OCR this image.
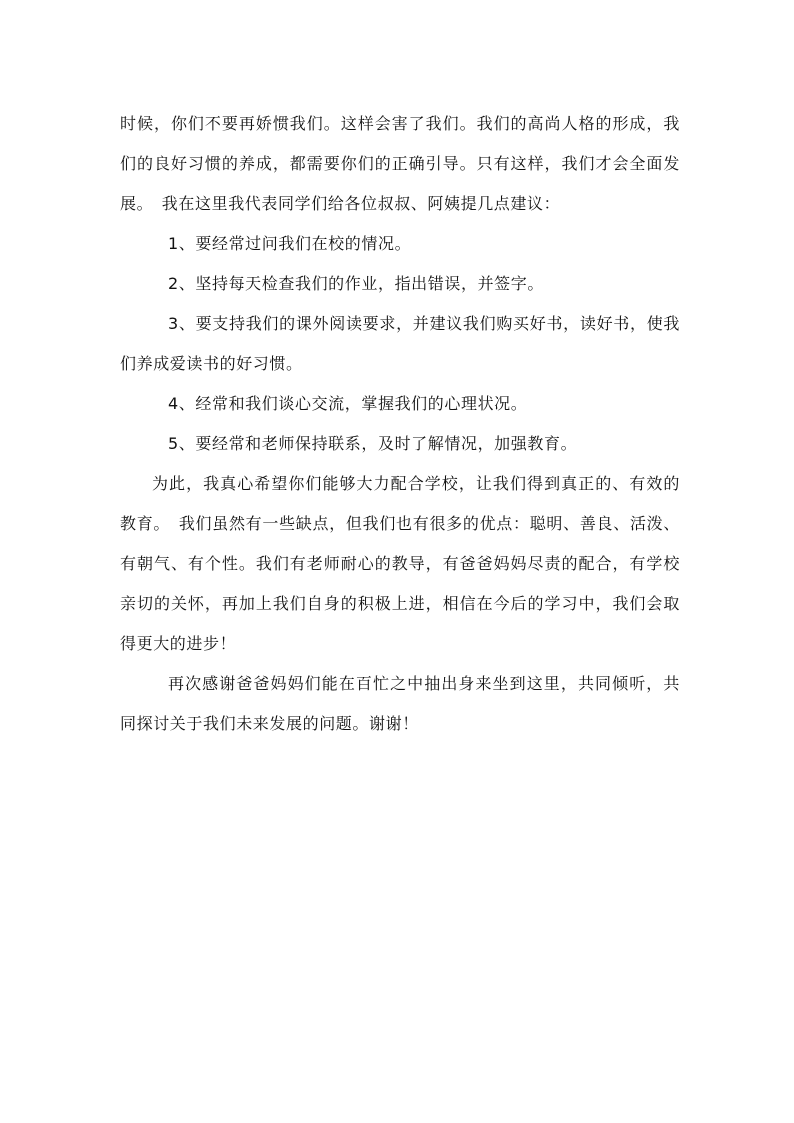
时候，你们不要再娇惯我们。这样会害了我们。我们的高尚人格的形成，我们的良好习惯的养成，都需要你们的正确引导。只有这样，我们才会全面发展。　我在这里我代表同学们给各位叔叔、阿姨提几点建议：

1、要经常过问我们在校的情况。

2、坚持每天检查我们的作业，指出错误，并签字。

3、要支持我们的课外阅读要求，并建议我们购买好书，读好书，使我们养成爱读书的好习惯。

4、经常和我们谈心交流，掌握我们的心理状况。

5、要经常和老师保持联系，及时了解情况，加强教育。

为此，我真心希望你们能够大力配合学校，让我们得到真正的、有效的教育。　我们虽然有一些缺点，但我们也有很多的优点：聪明、善良、活泼、有朝气、有个性。我们有老师耐心的教导，有爸爸妈妈尽责的配合，有学校亲切的关怀，再加上我们自身的积极上进，相信在今后的学习中，我们会取得更大的进步！

再次感谢爸爸妈妈们能在百忙之中抽出身来坐到这里，共同倾听，共同探讨关于我们未来发展的问题。谢谢！
